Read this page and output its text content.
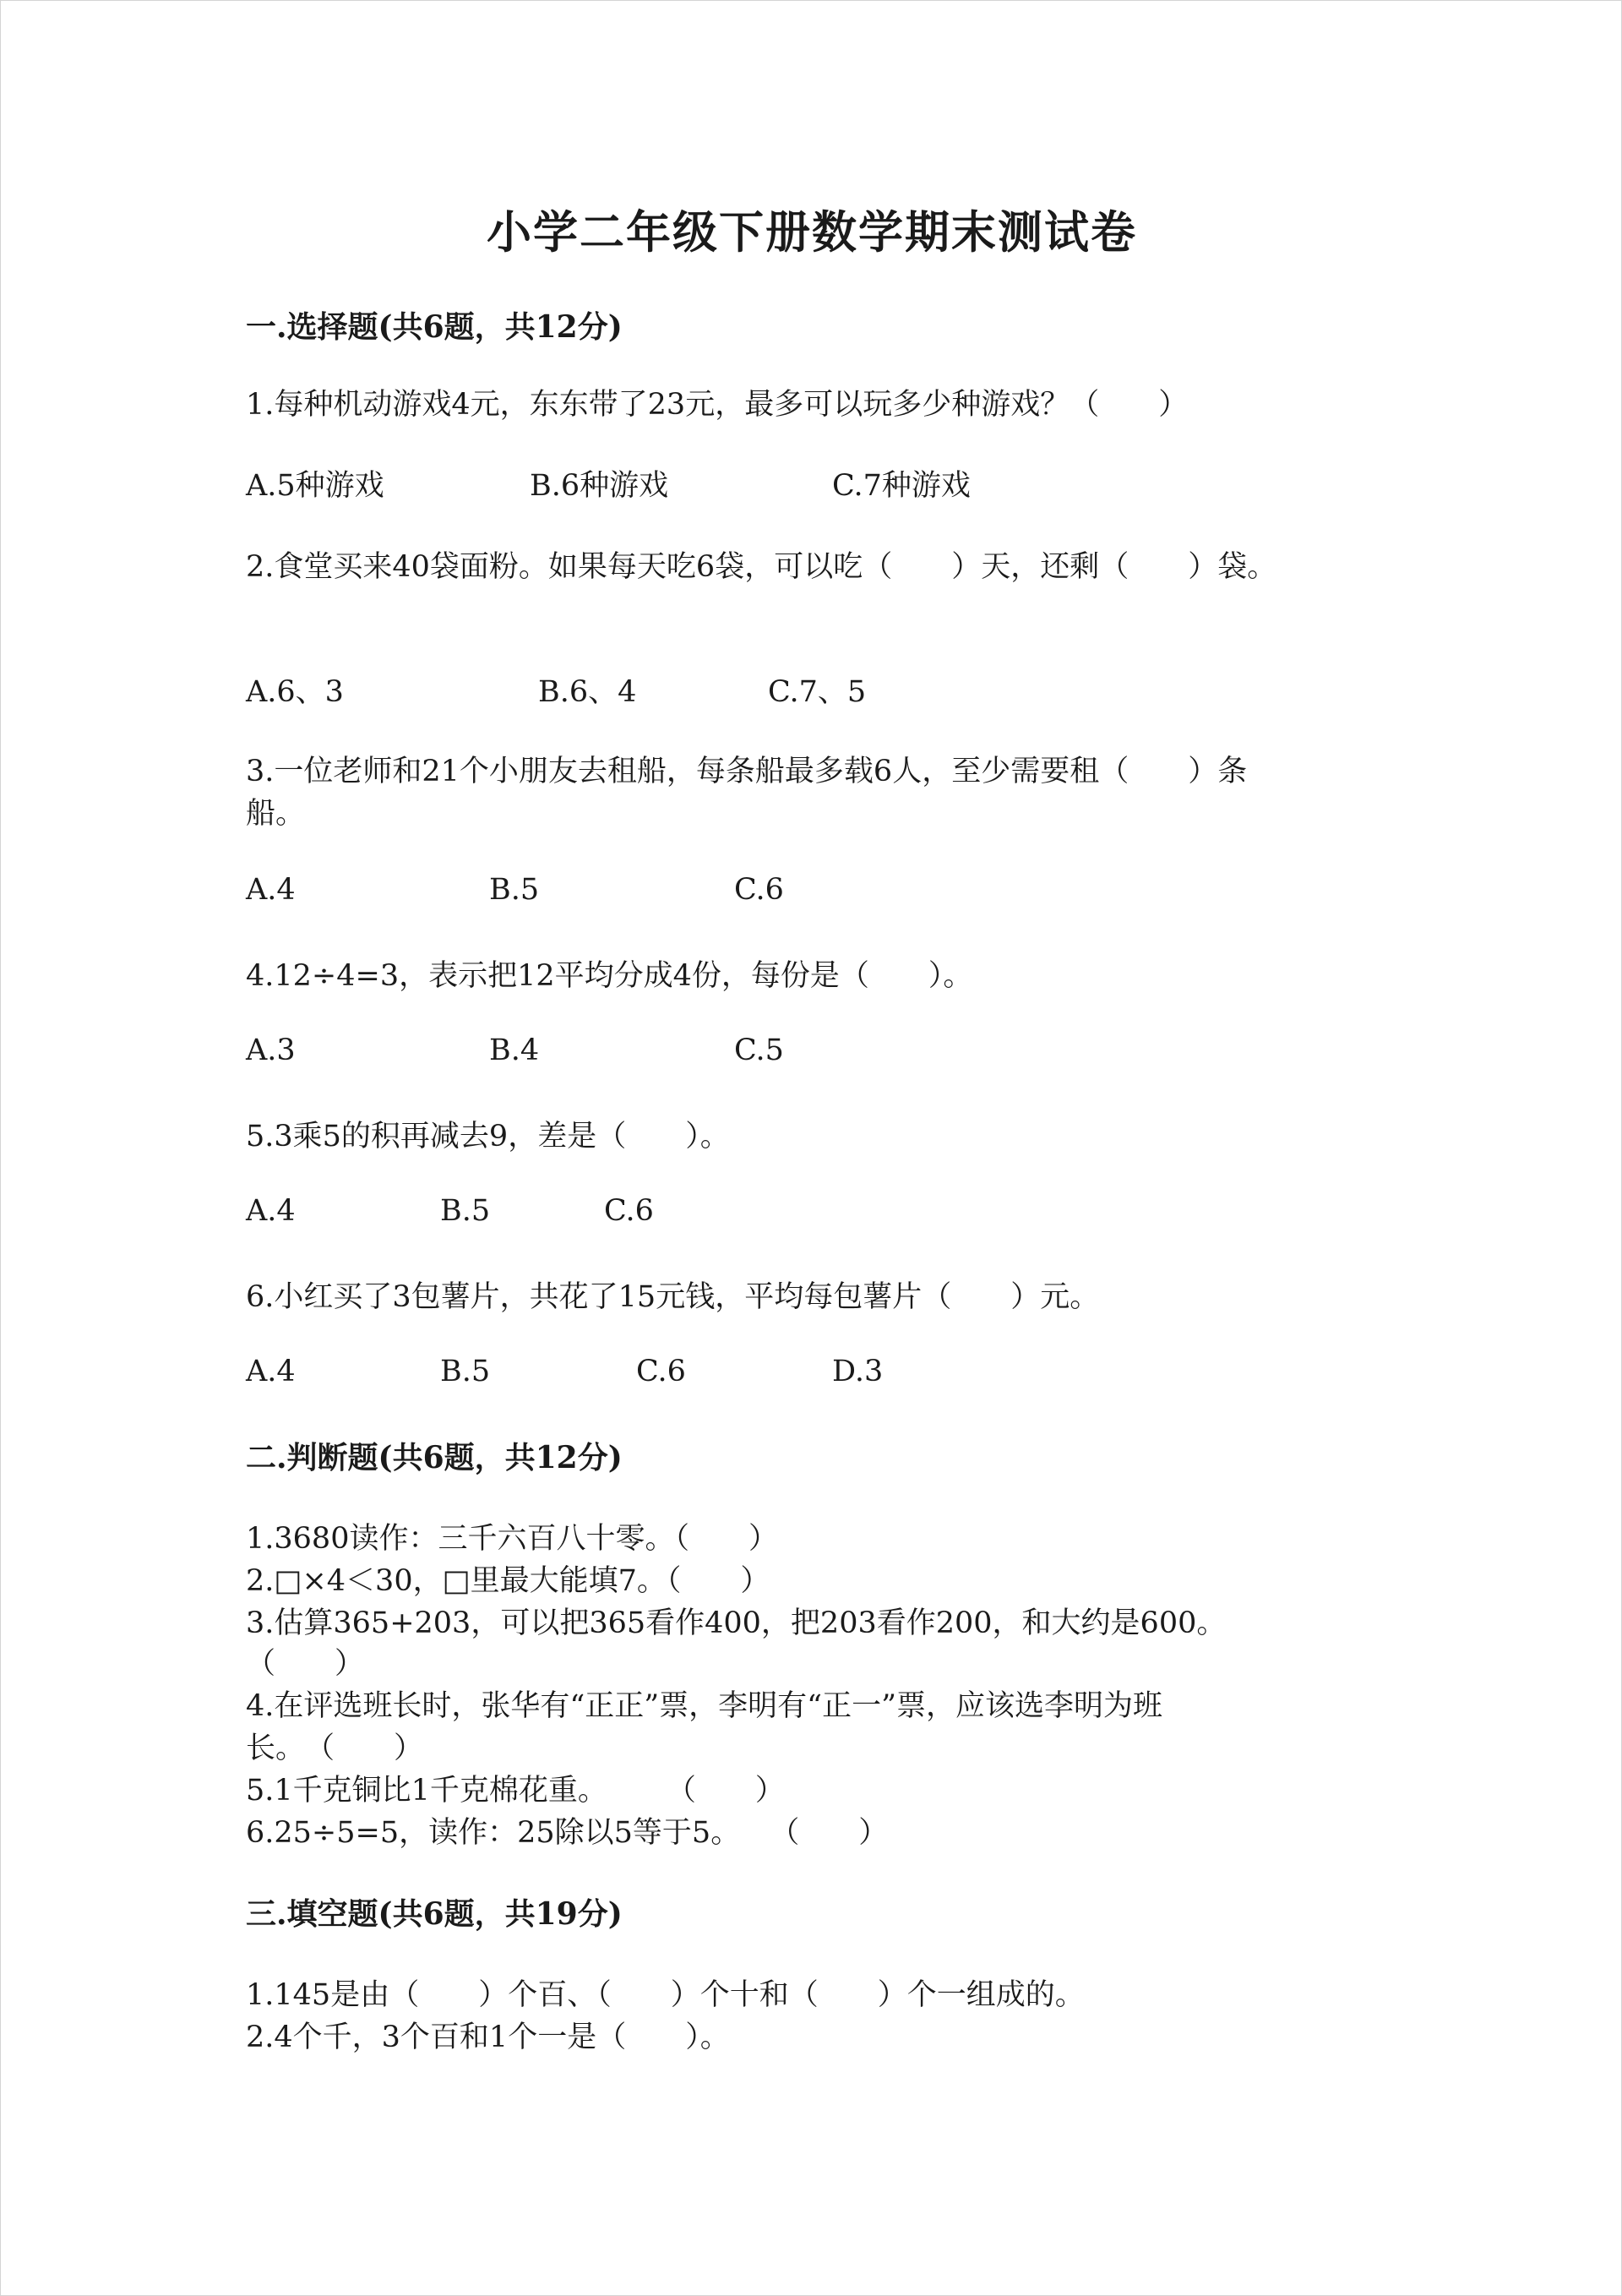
小学二年级下册数学期末测试卷
一.选择题(共6题，共12分)
1.每种机动游戏4元，东东带了23元，最多可以玩多少种游戏？（　　）
A.5种游戏	B.6种游戏	C.7种游戏
2.食堂买来40袋面粉。如果每天吃6袋，可以吃（　　）天，还剩（　　）袋。
A.6、3	B.6、4	C.7、5
3.一位老师和21个小朋友去租船，每条船最多载6人，至少需要租（　　）条
船。
A.4	B.5	C.6
4.12÷4=3，表示把12平均分成4份，每份是（　　）。
A.3	B.4	C.5
5.3乘5的积再减去9，差是（　　）。
A.4	B.5	C.6
6.小红买了3包薯片，共花了15元钱，平均每包薯片（　　）元。
A.4	B.5	C.6	D.3
二.判断题(共6题，共12分)
1.3680读作：三千六百八十零。（　　）
2.□×4＜30，□里最大能填7。（　　）
3.估算365+203，可以把365看作400，把203看作200，和大约是600。
（　　）
4.在评选班长时，张华有“正正”票，李明有“正一”票，应该选李明为班
长。　（　　）
5.1千克铜比1千克棉花重。　　　（　　）
6.25÷5=5，读作：25除以5等于5。　　（　　）
三.填空题(共6题，共19分)
1.145是由（　　）个百、（　　）个十和（　　）个一组成的。
2.4个千，3个百和1个一是（　　）。
